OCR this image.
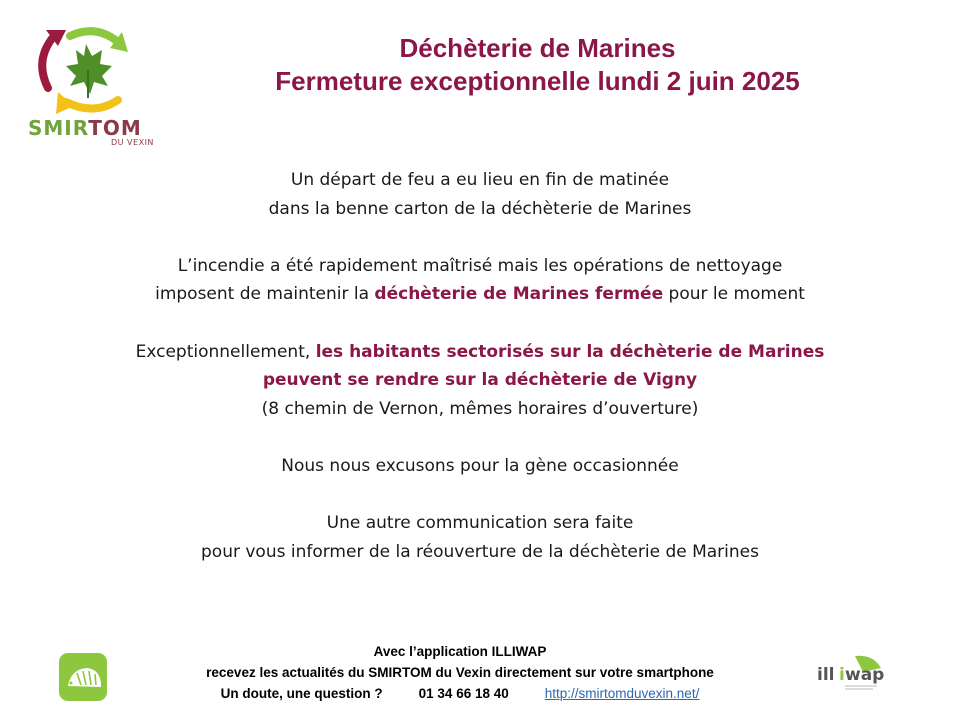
SMIRTOM
DU VEXIN
Déchèterie de Marines
Fermeture exceptionnelle lundi 2 juin 2025

Un départ de feu a eu lieu en fin de matinée
dans la benne carton de la déchèterie de Marines

L’incendie a été rapidement maîtrisé mais les opérations de nettoyage
imposent de maintenir la déchèterie de Marines fermée pour le moment

Exceptionnellement, les habitants sectorisés sur la déchèterie de Marines
peuvent se rendre sur la déchèterie de Vigny
(8 chemin de Vernon, mêmes horaires d’ouverture)

Nous nous excusons pour la gène occasionnée

Une autre communication sera faite
pour vous informer de la réouverture de la déchèterie de Marines

Avec l’application ILLIWAP
recevez les actualités du SMIRTOM du Vexin directement sur votre smartphone
Un doute, une question ?	01 34 66 18 40	http://smirtomduvexin.net/
ill i wap
